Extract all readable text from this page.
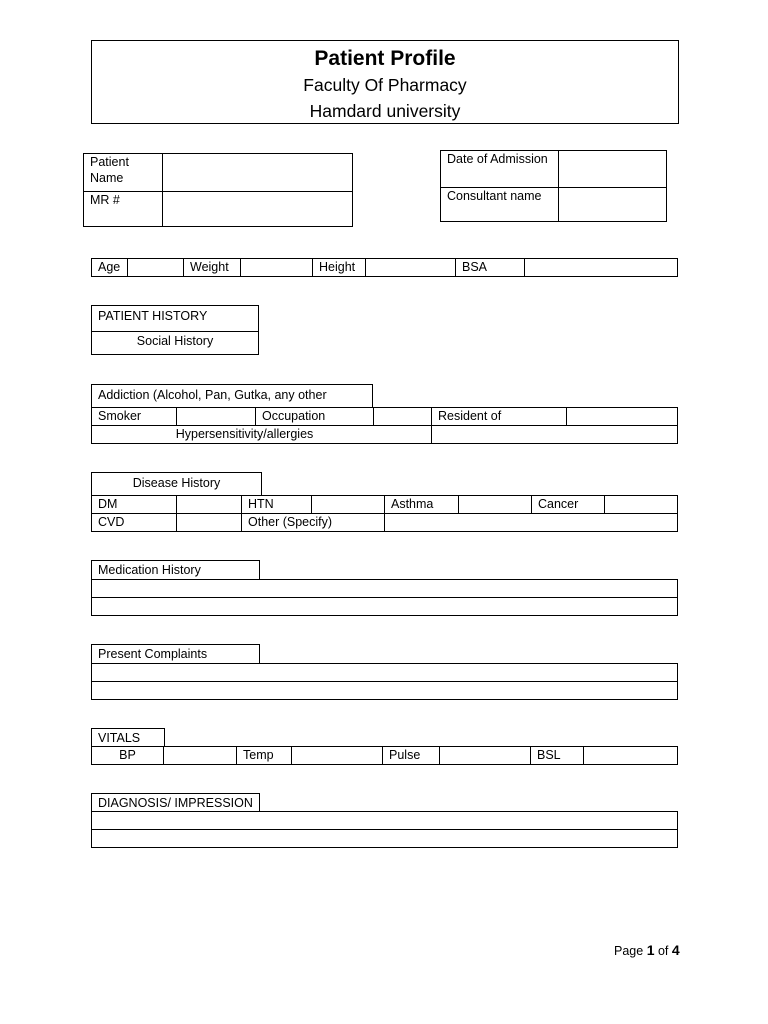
Patient Profile
Faculty Of Pharmacy
Hamdard university
Patient
Name	
MR #	
Date of Admission	
Consultant name	
Age		Weight		Height		BSA	
PATIENT HISTORY
Social History
Addiction (Alcohol, Pan, Gutka, any other
Smoker		Occupation		Resident of	
Hypersensitivity/allergies					
Disease History
DM		HTN		Asthma		Cancer	
CVD		Other (Specify)					
Medication History

Present Complaints

VITALS
BP		Temp		Pulse		BSL	
DIAGNOSIS/ IMPRESSION

Page 1 of 4
